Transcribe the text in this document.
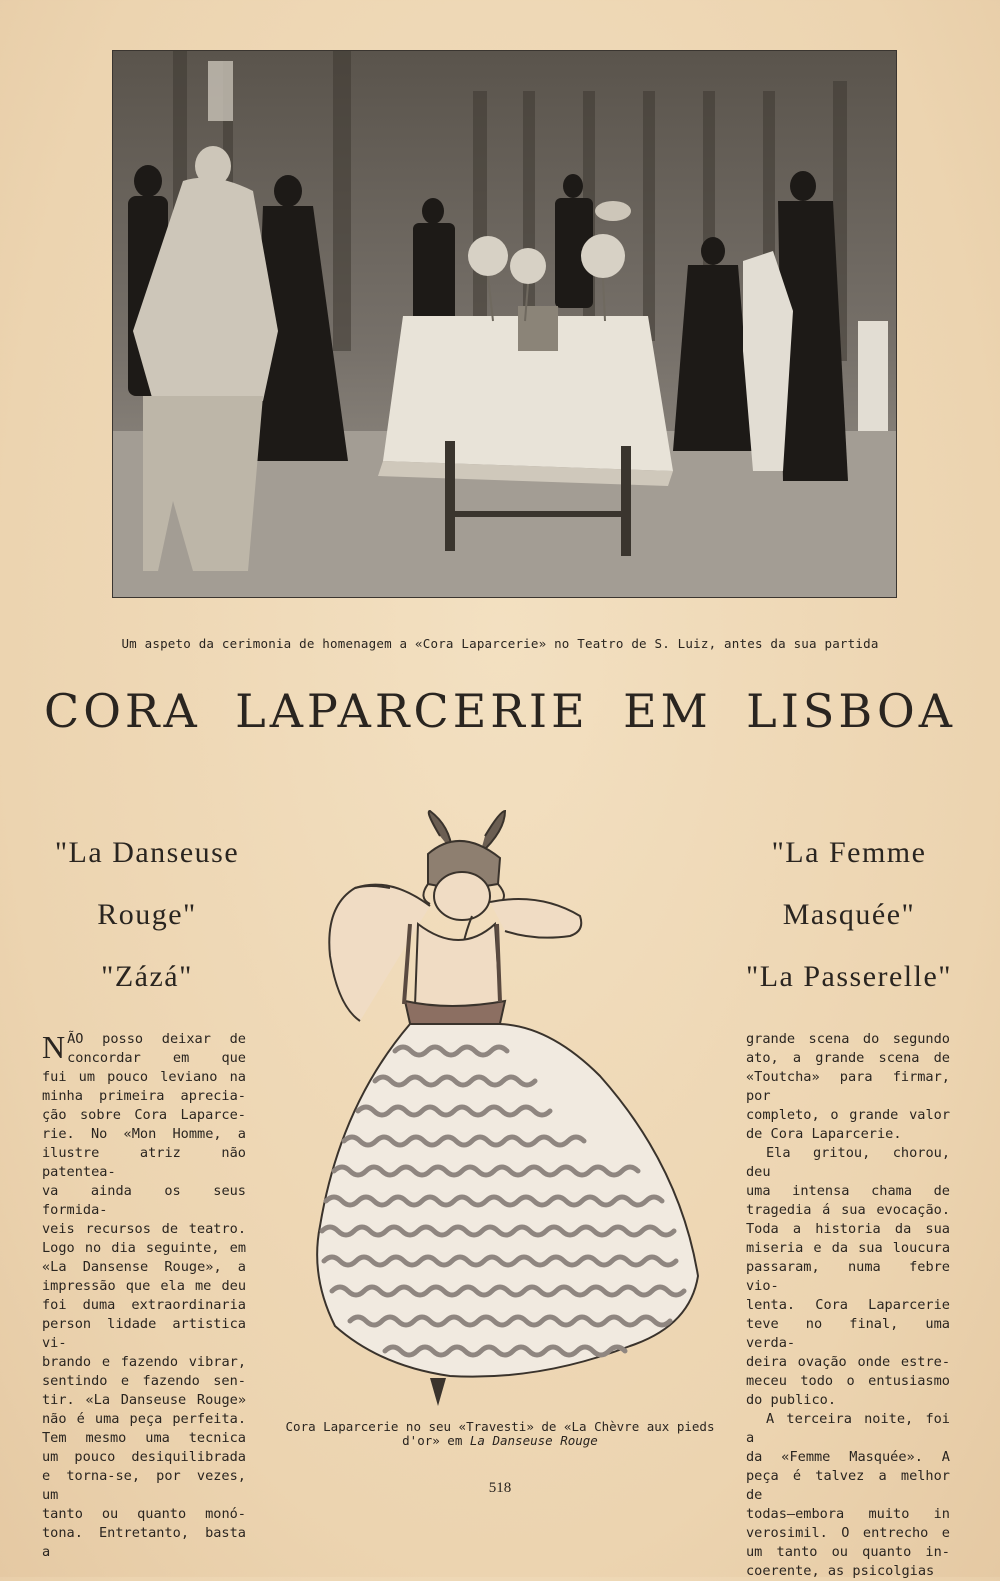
Um aspeto da cerimonia de homenagem a «Cora Laparcerie» no Teatro de S. Luiz, antes da sua partida
CORA LAPARCERIE EM LISBOA
"La Danseuse
Rouge"
"Zázá"
"La Femme
Masquée"
"La Passerelle"
N ÃO posso deixar de

concordar em que

fui um pouco leviano na

minha primeira aprecia-

ção sobre Cora Laparce-

rie. No «Mon Homme, a

ilustre atriz não patentea-

va ainda os seus formida-

veis recursos de teatro.

Logo no dia seguinte, em

«La Dansense Rouge», a

impressão que ela me deu

foi duma extraordinaria

person lidade artistica vi-

brando e fazendo vibrar,

sentindo e fazendo sen-

tir. «La Danseuse Rouge»

não é uma peça perfeita.

Tem mesmo uma tecnica

um pouco desiquilibrada

e torna-se, por vezes, um

tanto ou quanto monó-

tona. Entretanto, basta a

grande scena do segundo

ato, a grande scena de

«Toutcha» para firmar, por

completo, o grande valor

de Cora Laparcerie.

Ela gritou, chorou, deu

uma intensa chama de

tragedia á sua evocação.

Toda a historia da sua

miseria e da sua loucura

passaram, numa febre vio-

lenta. Cora Laparcerie

teve no final, uma verda-

deira ovação onde estre-

meceu todo o entusiasmo

do publico.

A terceira noite, foi a

da «Femme Masquée». A

peça é talvez a melhor de

todas—embora muito in

verosimil. O entrecho e

um tanto ou quanto in-

coerente, as psicolgias

Cora Laparcerie no seu «Travesti» de «La Chèvre aux pieds
d'or» em La Danseuse Rouge
518
